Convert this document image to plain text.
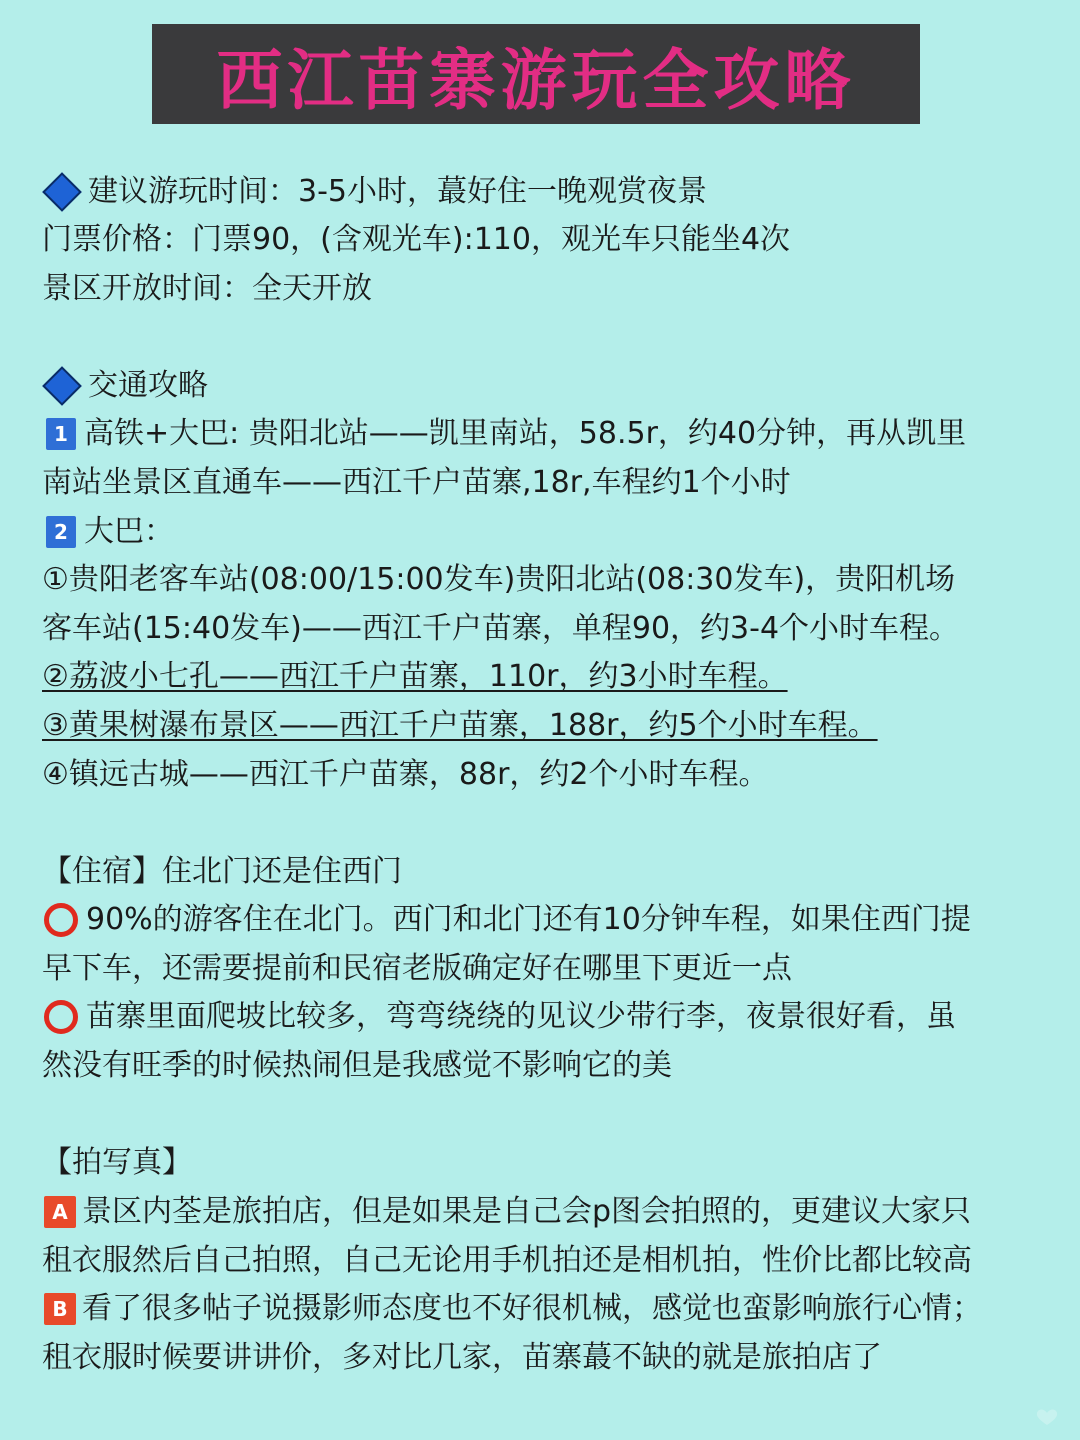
西江苗寨游玩全攻略
建议游玩时间：3-5小时，蕞好住一晚观赏夜景
门票价格：门票90，(含观光车):110，观光车只能坐4次
景区开放时间：全天开放
交通攻略
1 高铁+大巴: 贵阳北站——凯里南站，58.5r，约40分钟，再从凯里
南站坐景区直通车——西江千户苗寨,18r,车程约1个小时
2 大巴：
①贵阳老客车站(08:00/15:00发车)贵阳北站(08:30发车)，贵阳机场
客车站(15:40发车)——西江千户苗寨，单程90，约3-4个小时车程。
②荔波小七孔——西江千户苗寨，110r，约3小时车程。
③黄果树瀑布景区——西江千户苗寨，188r，约5个小时车程。
④镇远古城——西江千户苗寨，88r，约2个小时车程。
【住宿】住北门还是住西门
90%的游客住在北门。西门和北门还有10分钟车程，如果住西门提
早下车，还需要提前和民宿老版确定好在哪里下更近一点
苗寨里面爬坡比较多，弯弯绕绕的见议少带行李，夜景很好看，虽
然没有旺季的时候热闹但是我感觉不影响它的美
【拍写真】
A 景区内荃是旅拍店，但是如果是自己会p图会拍照的，更建议大家只
租衣服然后自己拍照，自己无论用手机拍还是相机拍，性价比都比较高
B 看了很多帖子说摄影师态度也不好很机械，感觉也蛮影响旅行心情；
租衣服时候要讲讲价，多对比几家，苗寨蕞不缺的就是旅拍店了
